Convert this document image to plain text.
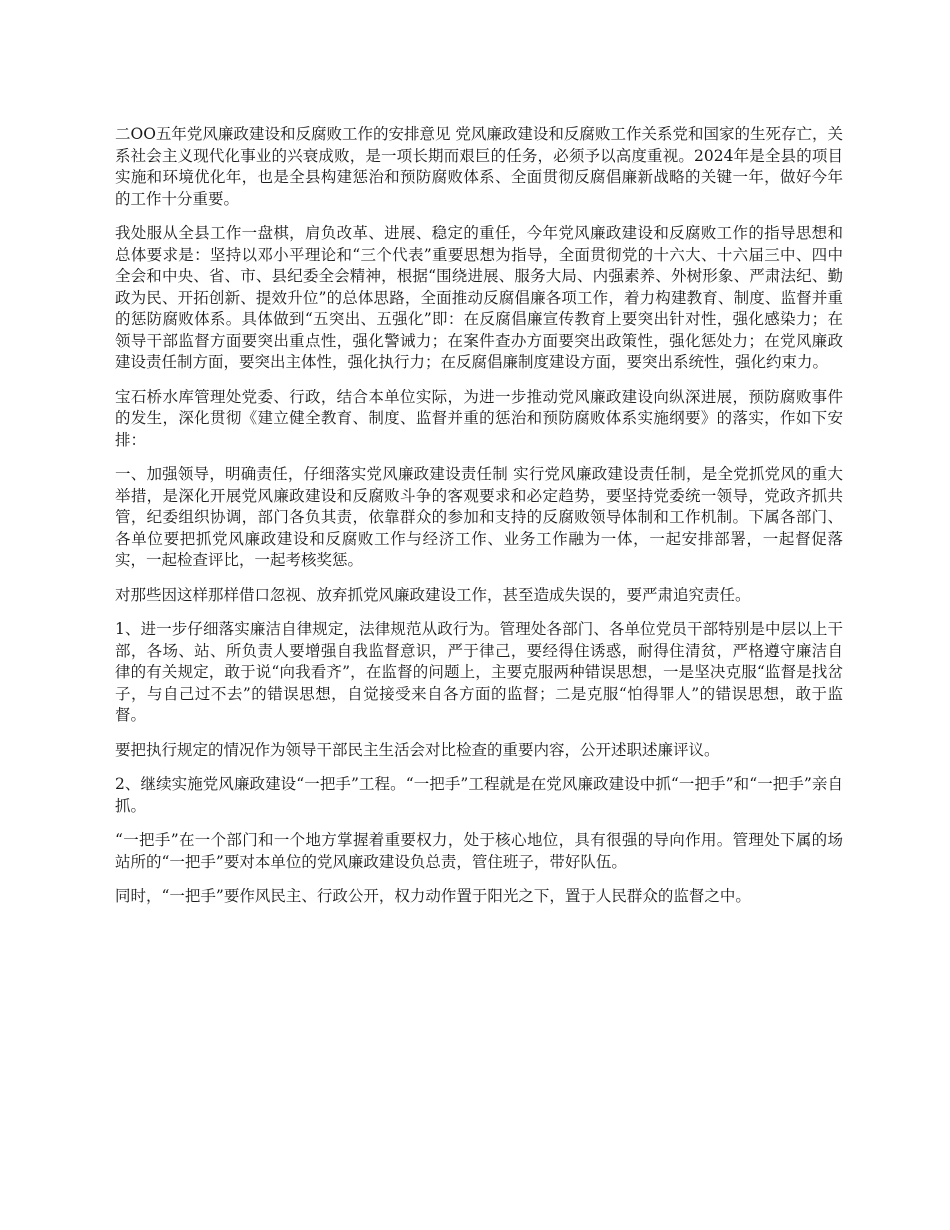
二OO五年党风廉政建设和反腐败工作的安排意见 党风廉政建设和反腐败工作关系党和国家的生死存亡，关系社会主义现代化事业的兴衰成败，是一项长期而艰巨的任务，必须予以高度重视。2024年是全县的项目实施和环境优化年，也是全县构建惩治和预防腐败体系、全面贯彻反腐倡廉新战略的关键一年，做好今年的工作十分重要。

我处服从全县工作一盘棋，肩负改革、进展、稳定的重任，今年党风廉政建设和反腐败工作的指导思想和总体要求是：坚持以邓小平理论和“三个代表”重要思想为指导，全面贯彻党的十六大、十六届三中、四中全会和中央、省、市、县纪委全会精神，根据“围绕进展、服务大局、内强素养、外树形象、严肃法纪、勤政为民、开拓创新、提效升位”的总体思路，全面推动反腐倡廉各项工作，着力构建教育、制度、监督并重的惩防腐败体系。具体做到“五突出、五强化”即：在反腐倡廉宣传教育上要突出针对性，强化感染力；在领导干部监督方面要突出重点性，强化警诫力；在案件查办方面要突出政策性，强化惩处力；在党风廉政建设责任制方面，要突出主体性，强化执行力；在反腐倡廉制度建设方面，要突出系统性，强化约束力。

宝石桥水库管理处党委、行政，结合本单位实际，为进一步推动党风廉政建设向纵深进展，预防腐败事件的发生，深化贯彻《建立健全教育、制度、监督并重的惩治和预防腐败体系实施纲要》的落实，作如下安排：

一、加强领导，明确责任，仔细落实党风廉政建设责任制 实行党风廉政建设责任制，是全党抓党风的重大举措，是深化开展党风廉政建设和反腐败斗争的客观要求和必定趋势，要坚持党委统一领导，党政齐抓共管，纪委组织协调，部门各负其责，依靠群众的参加和支持的反腐败领导体制和工作机制。下属各部门、各单位要把抓党风廉政建设和反腐败工作与经济工作、业务工作融为一体，一起安排部署，一起督促落实，一起检查评比，一起考核奖惩。

对那些因这样那样借口忽视、放弃抓党风廉政建设工作，甚至造成失误的，要严肃追究责任。

1、进一步仔细落实廉洁自律规定，法律规范从政行为。管理处各部门、各单位党员干部特别是中层以上干部，各场、站、所负责人要增强自我监督意识，严于律己，要经得住诱惑，耐得住清贫，严格遵守廉洁自律的有关规定，敢于说“向我看齐”，在监督的问题上，主要克服两种错误思想，一是坚决克服“监督是找岔子，与自己过不去”的错误思想，自觉接受来自各方面的监督；二是克服“怕得罪人”的错误思想，敢于监督。

要把执行规定的情况作为领导干部民主生活会对比检查的重要内容，公开述职述廉评议。

2、继续实施党风廉政建设“一把手”工程。“一把手”工程就是在党风廉政建设中抓“一把手”和“一把手”亲自抓。

“一把手”在一个部门和一个地方掌握着重要权力，处于核心地位，具有很强的导向作用。管理处下属的场站所的“一把手”要对本单位的党风廉政建设负总责，管住班子，带好队伍。

同时，“一把手”要作风民主、行政公开，权力动作置于阳光之下，置于人民群众的监督之中。
